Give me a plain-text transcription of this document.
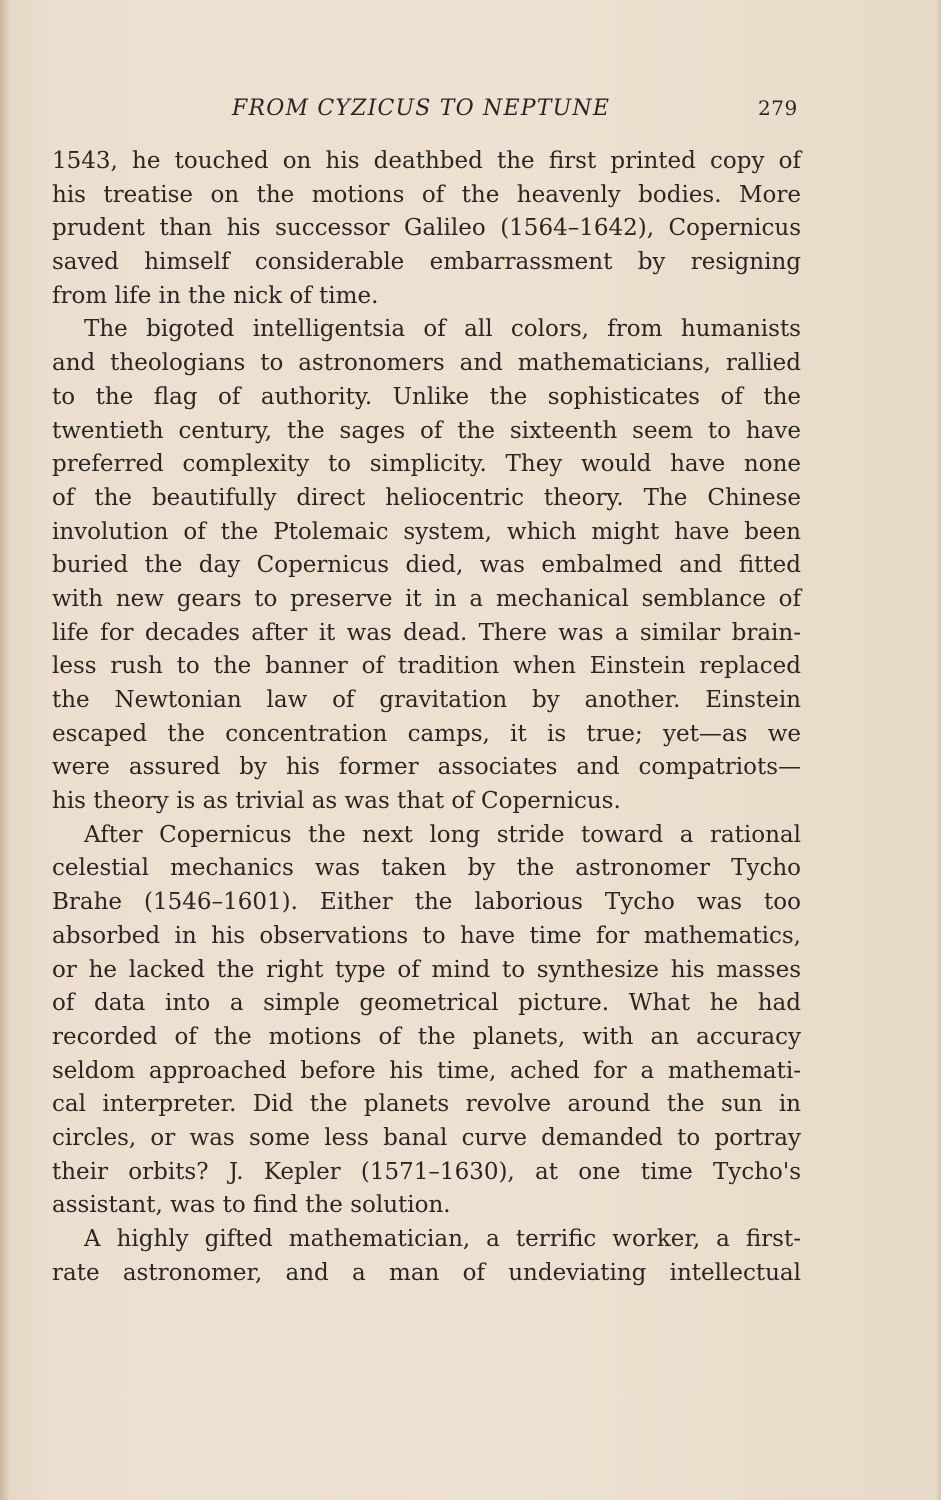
FROM CYZICUS TO NEPTUNE	279
1543, he touched on his deathbed the first printed copy of
his treatise on the motions of the heavenly bodies. More
prudent than his successor Galileo (1564–1642), Copernicus
saved himself considerable embarrassment by resigning
from life in the nick of time.
The bigoted intelligentsia of all colors, from humanists
and theologians to astronomers and mathematicians, rallied
to the flag of authority. Unlike the sophisticates of the
twentieth century, the sages of the sixteenth seem to have
preferred complexity to simplicity. They would have none
of the beautifully direct heliocentric theory. The Chinese
involution of the Ptolemaic system, which might have been
buried the day Copernicus died, was embalmed and fitted
with new gears to preserve it in a mechanical semblance of
life for decades after it was dead. There was a similar brain-
less rush to the banner of tradition when Einstein replaced
the Newtonian law of gravitation by another. Einstein
escaped the concentration camps, it is true; yet—as we
were assured by his former associates and compatriots—
his theory is as trivial as was that of Copernicus.
After Copernicus the next long stride toward a rational
celestial mechanics was taken by the astronomer Tycho
Brahe (1546–1601). Either the laborious Tycho was too
absorbed in his observations to have time for mathematics,
or he lacked the right type of mind to synthesize his masses
of data into a simple geometrical picture. What he had
recorded of the motions of the planets, with an accuracy
seldom approached before his time, ached for a mathemati-
cal interpreter. Did the planets revolve around the sun in
circles, or was some less banal curve demanded to portray
their orbits? J. Kepler (1571–1630), at one time Tycho's
assistant, was to find the solution.
A highly gifted mathematician, a terrific worker, a first-
rate astronomer, and a man of undeviating intellectual
